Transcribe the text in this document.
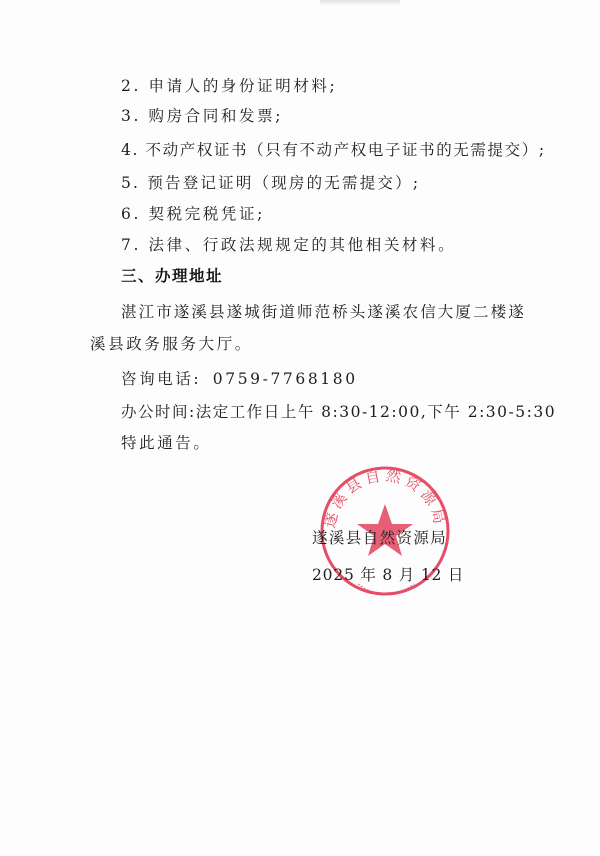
2. 申请人的身份证明材料;
3. 购房合同和发票;
4. 不动产权证书（只有不动产权电子证书的无需提交）;
5. 预告登记证明（现房的无需提交）;
6. 契税完税凭证;
7. 法律、行政法规规定的其他相关材料。
三、办理地址
湛江市遂溪县遂城街道师范桥头遂溪农信大厦二楼遂
溪县政务服务大厅。
咨询电话: 0759-7768180
办公时间:法定工作日上午 8:30-12:00,下午 2:30-5:30
特此通告。
遂溪县自然资源局
遂溪县自然资源局
2025 年 8 月 12 日
